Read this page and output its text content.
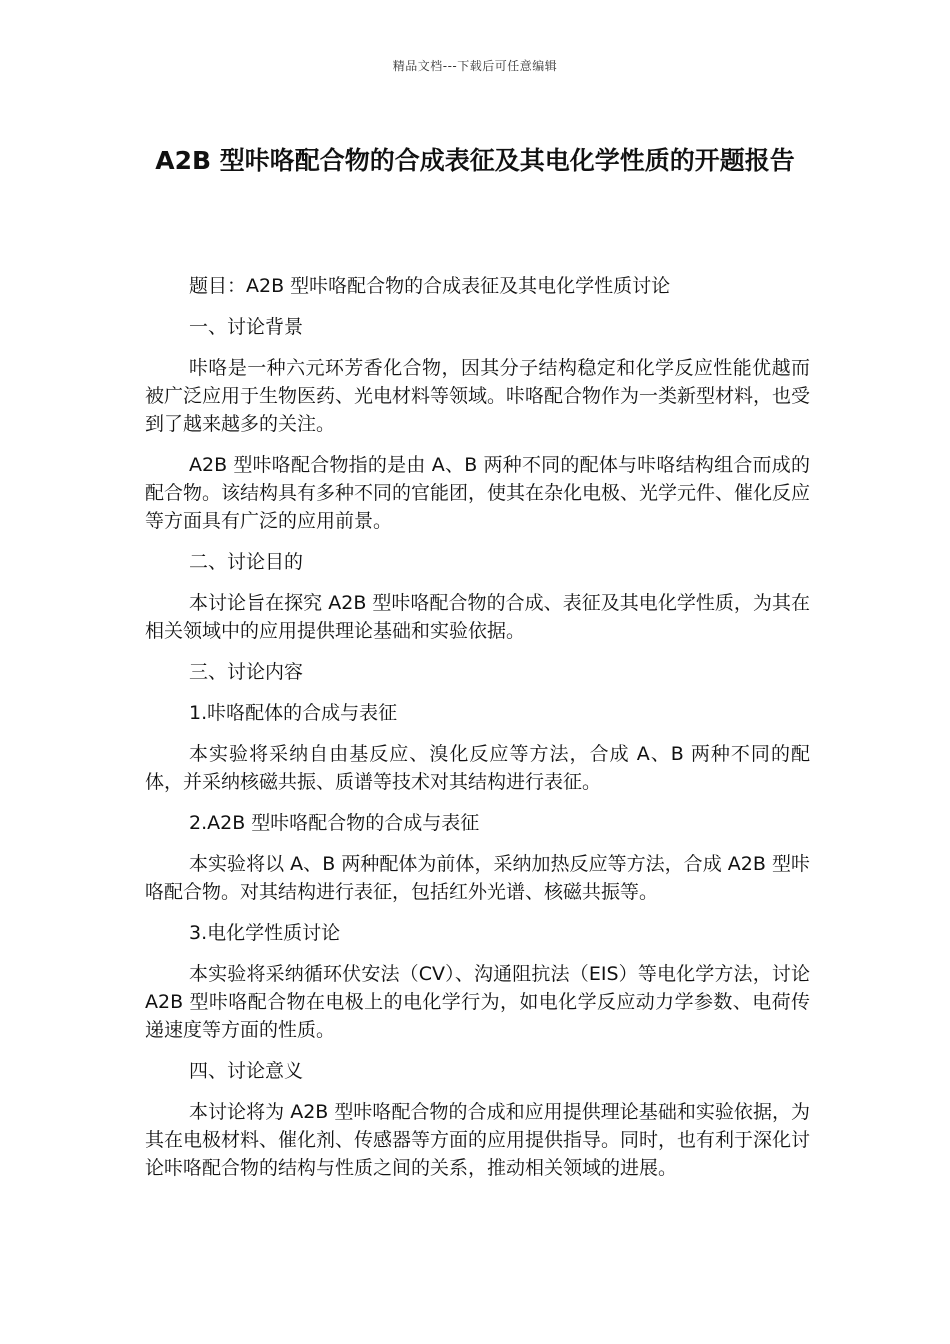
精品文档---下载后可任意编辑
A2B 型咔咯配合物的合成表征及其电化学性质的开题报告

题目：A2B 型咔咯配合物的合成表征及其电化学性质讨论

一、讨论背景

咔咯是一种六元环芳香化合物，因其分子结构稳定和化学反应性能优越而被广泛应用于生物医药、光电材料等领域。咔咯配合物作为一类新型材料，也受到了越来越多的关注。

A2B 型咔咯配合物指的是由 A、B 两种不同的配体与咔咯结构组合而成的配合物。该结构具有多种不同的官能团，使其在杂化电极、光学元件、催化反应等方面具有广泛的应用前景。

二、讨论目的

本讨论旨在探究 A2B 型咔咯配合物的合成、表征及其电化学性质，为其在相关领域中的应用提供理论基础和实验依据。

三、讨论内容

1.咔咯配体的合成与表征

本实验将采纳自由基反应、溴化反应等方法，合成 A、B 两种不同的配体，并采纳核磁共振、质谱等技术对其结构进行表征。

2.A2B 型咔咯配合物的合成与表征

本实验将以 A、B 两种配体为前体，采纳加热反应等方法，合成 A2B 型咔咯配合物。对其结构进行表征，包括红外光谱、核磁共振等。

3.电化学性质讨论

本实验将采纳循环伏安法（CV）、沟通阻抗法（EIS）等电化学方法，讨论 A2B 型咔咯配合物在电极上的电化学行为，如电化学反应动力学参数、电荷传递速度等方面的性质。

四、讨论意义

本讨论将为 A2B 型咔咯配合物的合成和应用提供理论基础和实验依据，为其在电极材料、催化剂、传感器等方面的应用提供指导。同时，也有利于深化讨论咔咯配合物的结构与性质之间的关系，推动相关领域的进展。
